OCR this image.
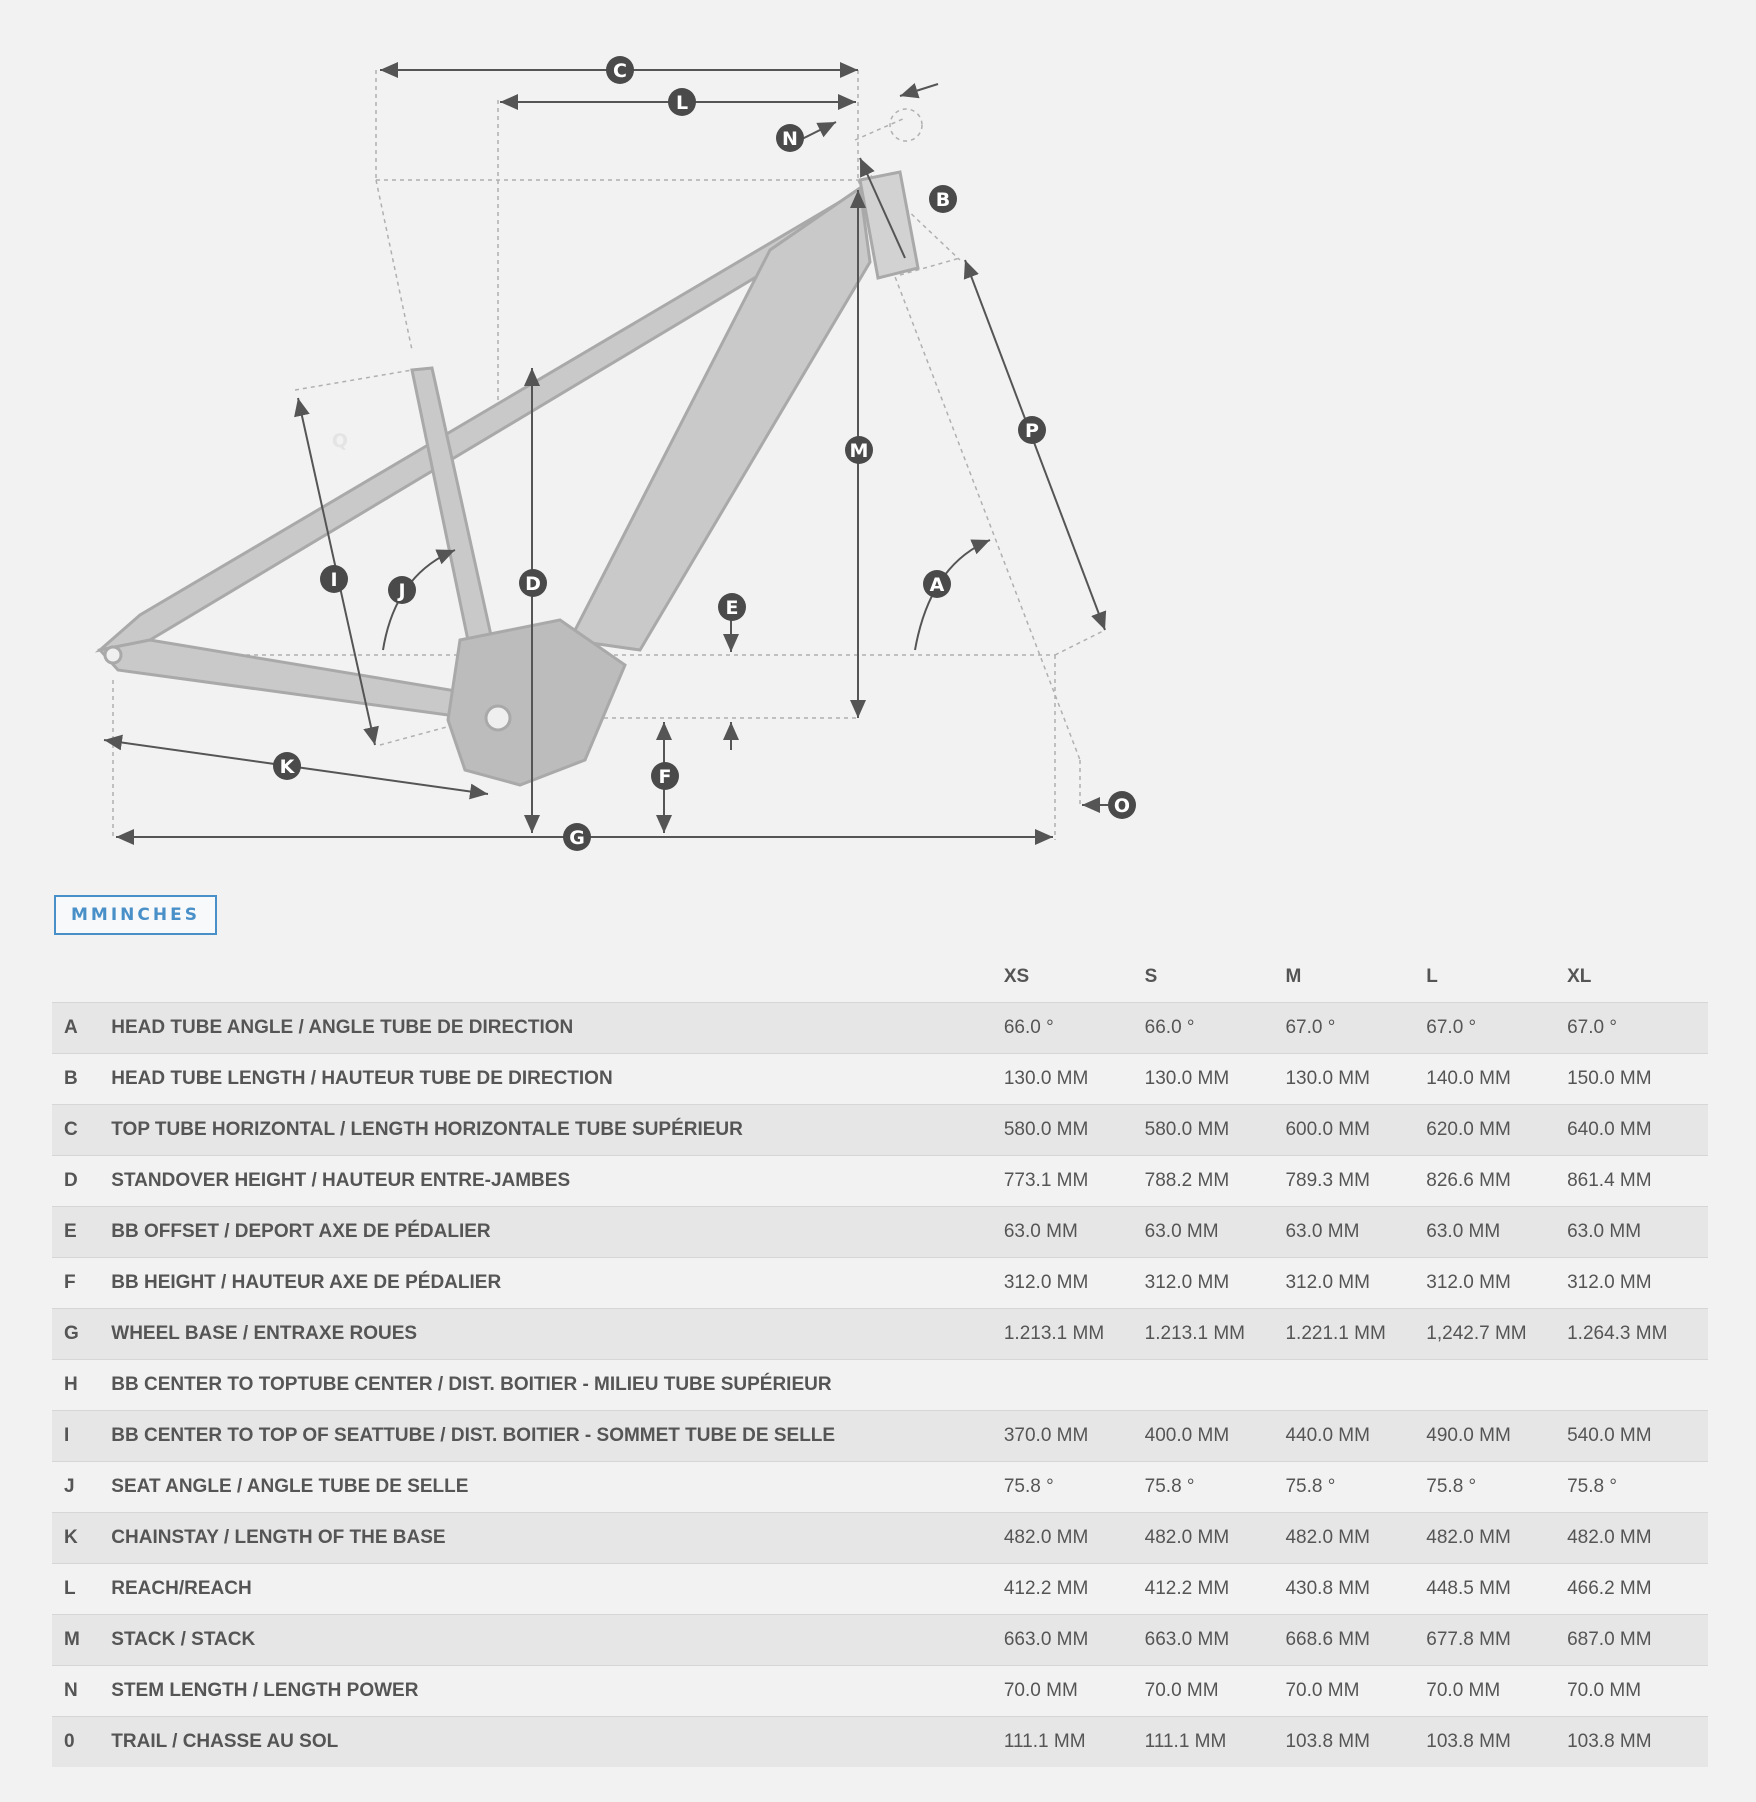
C
L
N
B
P
M
A
E
D
I	J
F
K
G
O
Q
MMINCHES
		XS	S	M	L	XL
A	HEAD TUBE ANGLE / ANGLE TUBE DE DIRECTION	66.0 °	66.0 °	67.0 °	67.0 °	67.0 °
B	HEAD TUBE LENGTH / HAUTEUR TUBE DE DIRECTION	130.0 MM	130.0 MM	130.0 MM	140.0 MM	150.0 MM
C	TOP TUBE HORIZONTAL / LENGTH HORIZONTALE TUBE SUPÉRIEUR	580.0 MM	580.0 MM	600.0 MM	620.0 MM	640.0 MM
D	STANDOVER HEIGHT / HAUTEUR ENTRE-JAMBES	773.1 MM	788.2 MM	789.3 MM	826.6 MM	861.4 MM
E	BB OFFSET / DEPORT AXE DE PÉDALIER	63.0 MM	63.0 MM	63.0 MM	63.0 MM	63.0 MM
F	BB HEIGHT / HAUTEUR AXE DE PÉDALIER	312.0 MM	312.0 MM	312.0 MM	312.0 MM	312.0 MM
G	WHEEL BASE / ENTRAXE ROUES	1.213.1 MM	1.213.1 MM	1.221.1 MM	1,242.7 MM	1.264.3 MM
H	BB CENTER TO TOPTUBE CENTER / DIST. BOITIER - MILIEU TUBE SUPÉRIEUR					
I	BB CENTER TO TOP OF SEATTUBE / DIST. BOITIER - SOMMET TUBE DE SELLE	370.0 MM	400.0 MM	440.0 MM	490.0 MM	540.0 MM
J	SEAT ANGLE / ANGLE TUBE DE SELLE	75.8 °	75.8 °	75.8 °	75.8 °	75.8 °
K	CHAINSTAY / LENGTH OF THE BASE	482.0 MM	482.0 MM	482.0 MM	482.0 MM	482.0 MM
L	REACH/REACH	412.2 MM	412.2 MM	430.8 MM	448.5 MM	466.2 MM
M	STACK / STACK	663.0 MM	663.0 MM	668.6 MM	677.8 MM	687.0 MM
N	STEM LENGTH / LENGTH POWER	70.0 MM	70.0 MM	70.0 MM	70.0 MM	70.0 MM
0	TRAIL / CHASSE AU SOL	111.1 MM	111.1 MM	103.8 MM	103.8 MM	103.8 MM
